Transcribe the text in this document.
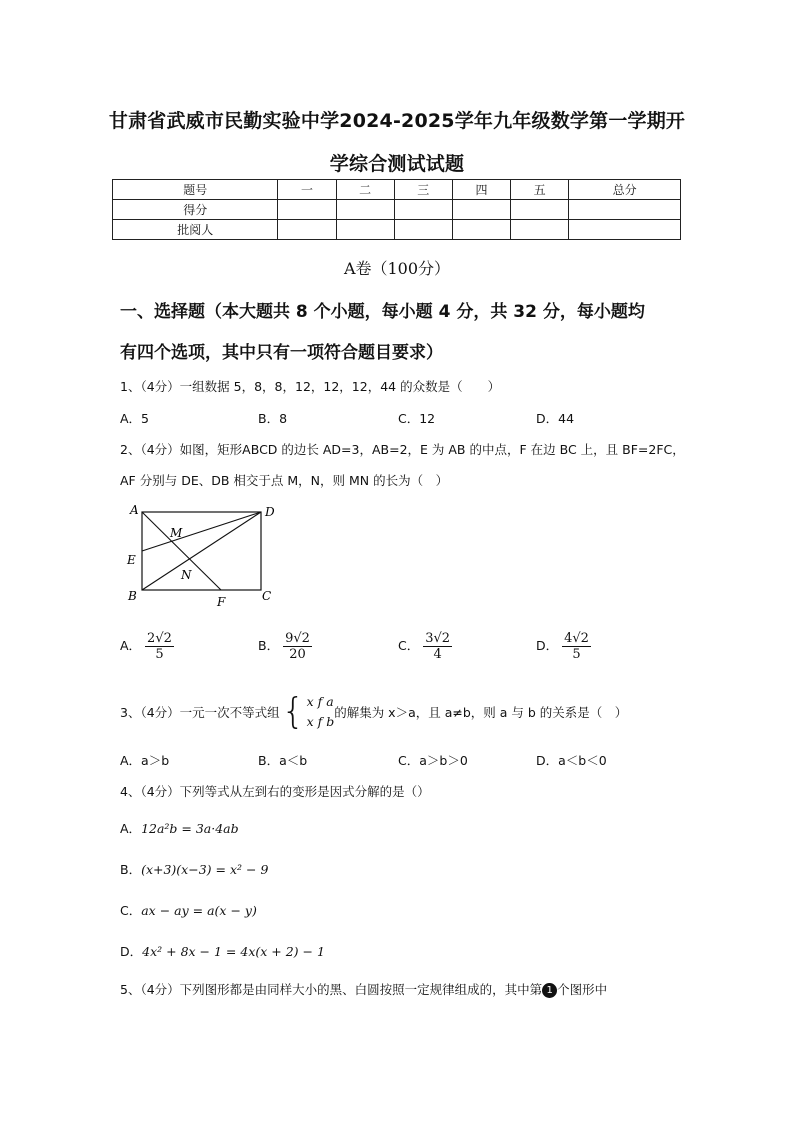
甘肃省武威市民勤实验中学2024-2025学年九年级数学第一学期开
学综合测试试题
题号	一	二	三	四	五	总分
得分						
批阅人						
A卷（100分）
一、选择题（本大题共 8 个小题，每小题 4 分，共 32 分，每小题均
有四个选项，其中只有一项符合题目要求）
1、（4分）一组数据 5，8，8，12，12，12，44 的众数是（　　）
A．5	B．8	C．12	D．44
2、（4分）如图，矩形ABCD 的边长 AD=3，AB=2，E 为 AB 的中点，F 在边 BC 上，且 BF=2FC，
AF 分别与 DE、DB 相交于点 M，N，则 MN 的长为（　）
A	D
M
E
N
B	F	C
A． $\frac{2√2}{5}$	B． $\frac{9√2}{20}$	C． $\frac{3√2}{4}$	D． $\frac{4√2}{5}$
3、（4分）一元一次不等式组 { x f a
x f b
的解集为 x＞a，且 a≠b，则 a 与 b 的关系是（　）
A．a＞b	B．a＜b	C．a＞b＞0	D．a＜b＜0
4、（4分）下列等式从左到右的变形是因式分解的是（）
A．12a²b = 3a·4ab
B．(x+3)(x−3) = x² − 9
C．ax − ay = a(x − y)
D．4x² + 8x − 1 = 4x(x + 2) − 1
5、（4分）下列图形都是由同样大小的黑、白圆按照一定规律组成的，其中第 1 个图形中
